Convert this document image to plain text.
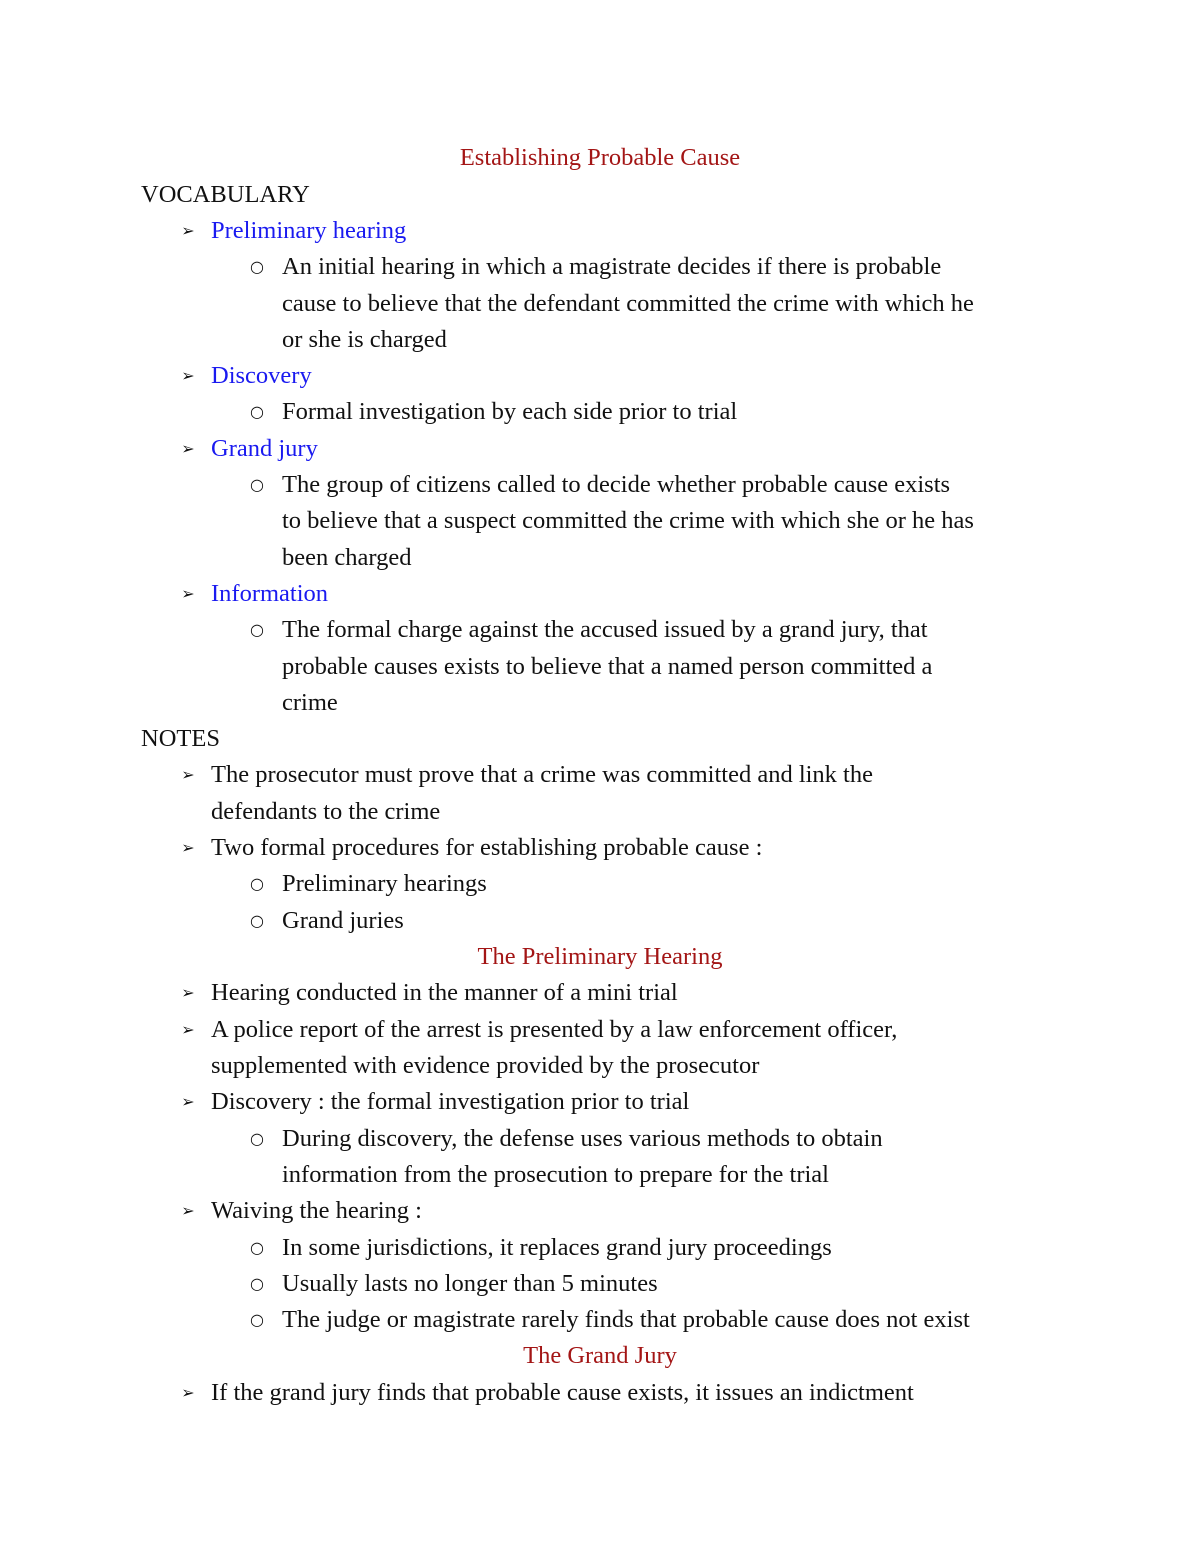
Establishing Probable Cause
VOCABULARY
➢ Preliminary hearing
○ An initial hearing in which a magistrate decides if there is probable
cause to believe that the defendant committed the crime with which he
or she is charged
➢ Discovery
○ Formal investigation by each side prior to trial
➢ Grand jury
○ The group of citizens called to decide whether probable cause exists
to believe that a suspect committed the crime with which she or he has
been charged
➢ Information
○ The formal charge against the accused issued by a grand jury, that
probable causes exists to believe that a named person committed a
crime
NOTES
➢ The prosecutor must prove that a crime was committed and link the
defendants to the crime
➢ Two formal procedures for establishing probable cause :
○ Preliminary hearings
○ Grand juries
The Preliminary Hearing
➢ Hearing conducted in the manner of a mini trial
➢ A police report of the arrest is presented by a law enforcement officer,
supplemented with evidence provided by the prosecutor
➢ Discovery : the formal investigation prior to trial
○ During discovery, the defense uses various methods to obtain
information from the prosecution to prepare for the trial
➢ Waiving the hearing :
○ In some jurisdictions, it replaces grand jury proceedings
○ Usually lasts no longer than 5 minutes
○ The judge or magistrate rarely finds that probable cause does not exist
The Grand Jury
➢ If the grand jury finds that probable cause exists, it issues an indictment
